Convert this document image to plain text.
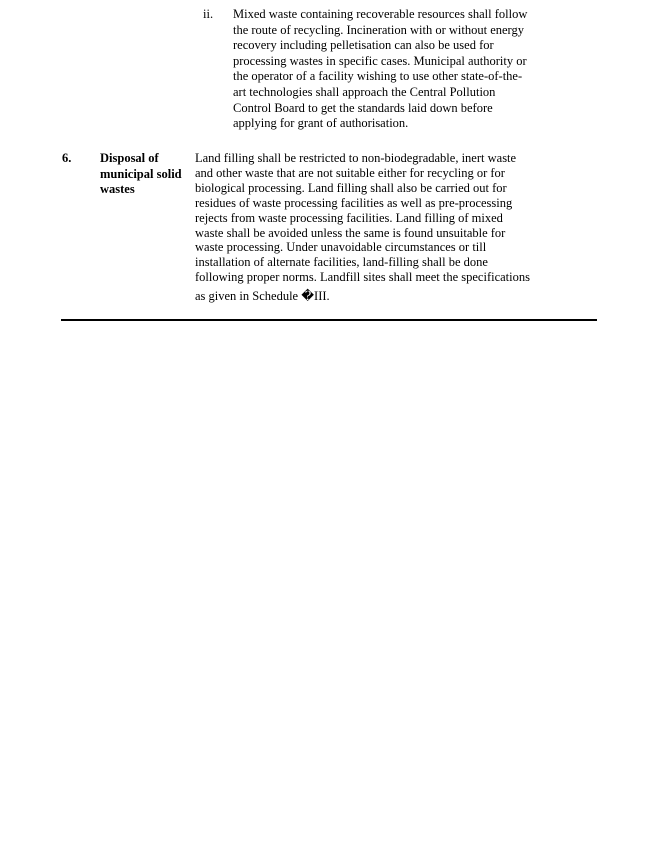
ii. Mixed waste containing recoverable resources shall follow
the route of recycling. Incineration with or without energy
recovery including pelletisation can also be used for
processing wastes in specific cases. Municipal authority or
the operator of a facility wishing to use other state-of-the-
art technologies shall approach the Central Pollution
Control Board to get the standards laid down before
applying for grant of authorisation.
6. Disposal of
municipal solid
wastes
Land filling shall be restricted to non-biodegradable, inert waste
and other waste that are not suitable either for recycling or for
biological processing. Land filling shall also be carried out for
residues of waste processing facilities as well as pre-processing
rejects from waste processing facilities. Land filling of mixed
waste shall be avoided unless the same is found unsuitable for
waste processing. Under unavoidable circumstances or till
installation of alternate facilities, land-filling shall be done
following proper norms. Landfill sites shall meet the specifications
as given in Schedule �III.
